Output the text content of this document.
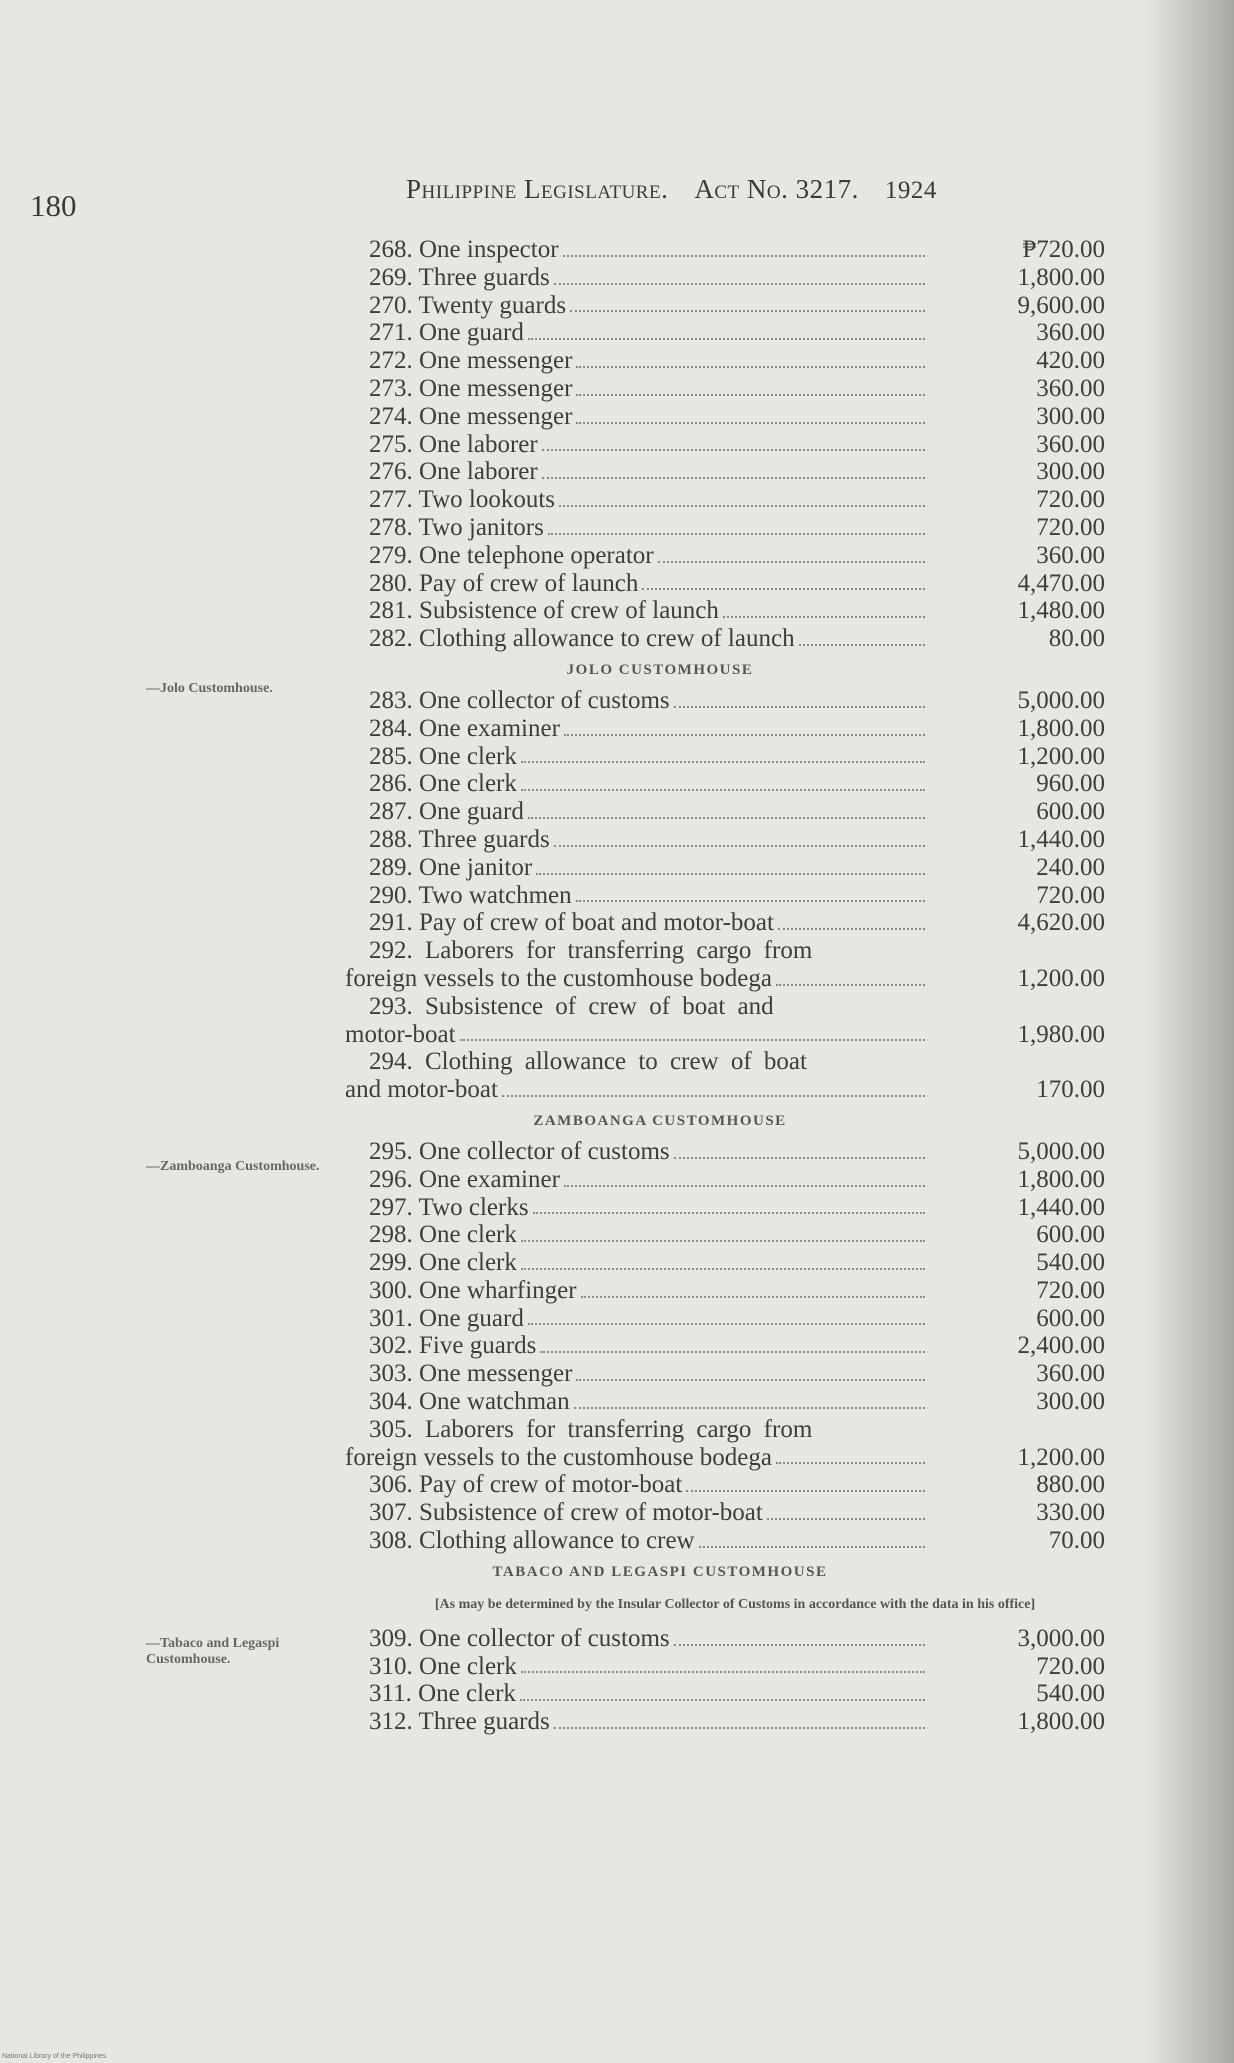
180	Philippine Legislature. Act No. 3217. 1924
—Jolo Customhouse.
—Zamboanga Customhouse.
—Tabaco and Legaspi Customhouse.
268. One inspector	₱720.00
269. Three guards	1,800.00
270. Twenty guards	9,600.00
271. One guard	360.00
272. One messenger	420.00
273. One messenger	360.00
274. One messenger	300.00
275. One laborer	360.00
276. One laborer	300.00
277. Two lookouts	720.00
278. Two janitors	720.00
279. One telephone operator	360.00
280. Pay of crew of launch	4,470.00
281. Subsistence of crew of launch	1,480.00
282. Clothing allowance to crew of launch	80.00
JOLO CUSTOMHOUSE
283. One collector of customs	5,000.00
284. One examiner	1,800.00
285. One clerk	1,200.00
286. One clerk	960.00
287. One guard	600.00
288. Three guards	1,440.00
289. One janitor	240.00
290. Two watchmen	720.00
291. Pay of crew of boat and motor-boat	4,620.00
292. Laborers for transferring cargo from
foreign vessels to the customhouse bodega	1,200.00
293. Subsistence of crew of boat and
motor-boat	1,980.00
294. Clothing allowance to crew of boat
and motor-boat	170.00
ZAMBOANGA CUSTOMHOUSE
295. One collector of customs	5,000.00
296. One examiner	1,800.00
297. Two clerks	1,440.00
298. One clerk	600.00
299. One clerk	540.00
300. One wharfinger	720.00
301. One guard	600.00
302. Five guards	2,400.00
303. One messenger	360.00
304. One watchman	300.00
305. Laborers for transferring cargo from
foreign vessels to the customhouse bodega	1,200.00
306. Pay of crew of motor-boat	880.00
307. Subsistence of crew of motor-boat	330.00
308. Clothing allowance to crew	70.00
TABACO AND LEGASPI CUSTOMHOUSE
[As may be determined by the Insular Collector of Customs in accordance with the data in his office]
309. One collector of customs	3,000.00
310. One clerk	720.00
311. One clerk	540.00
312. Three guards	1,800.00
National Library of the Philippines
